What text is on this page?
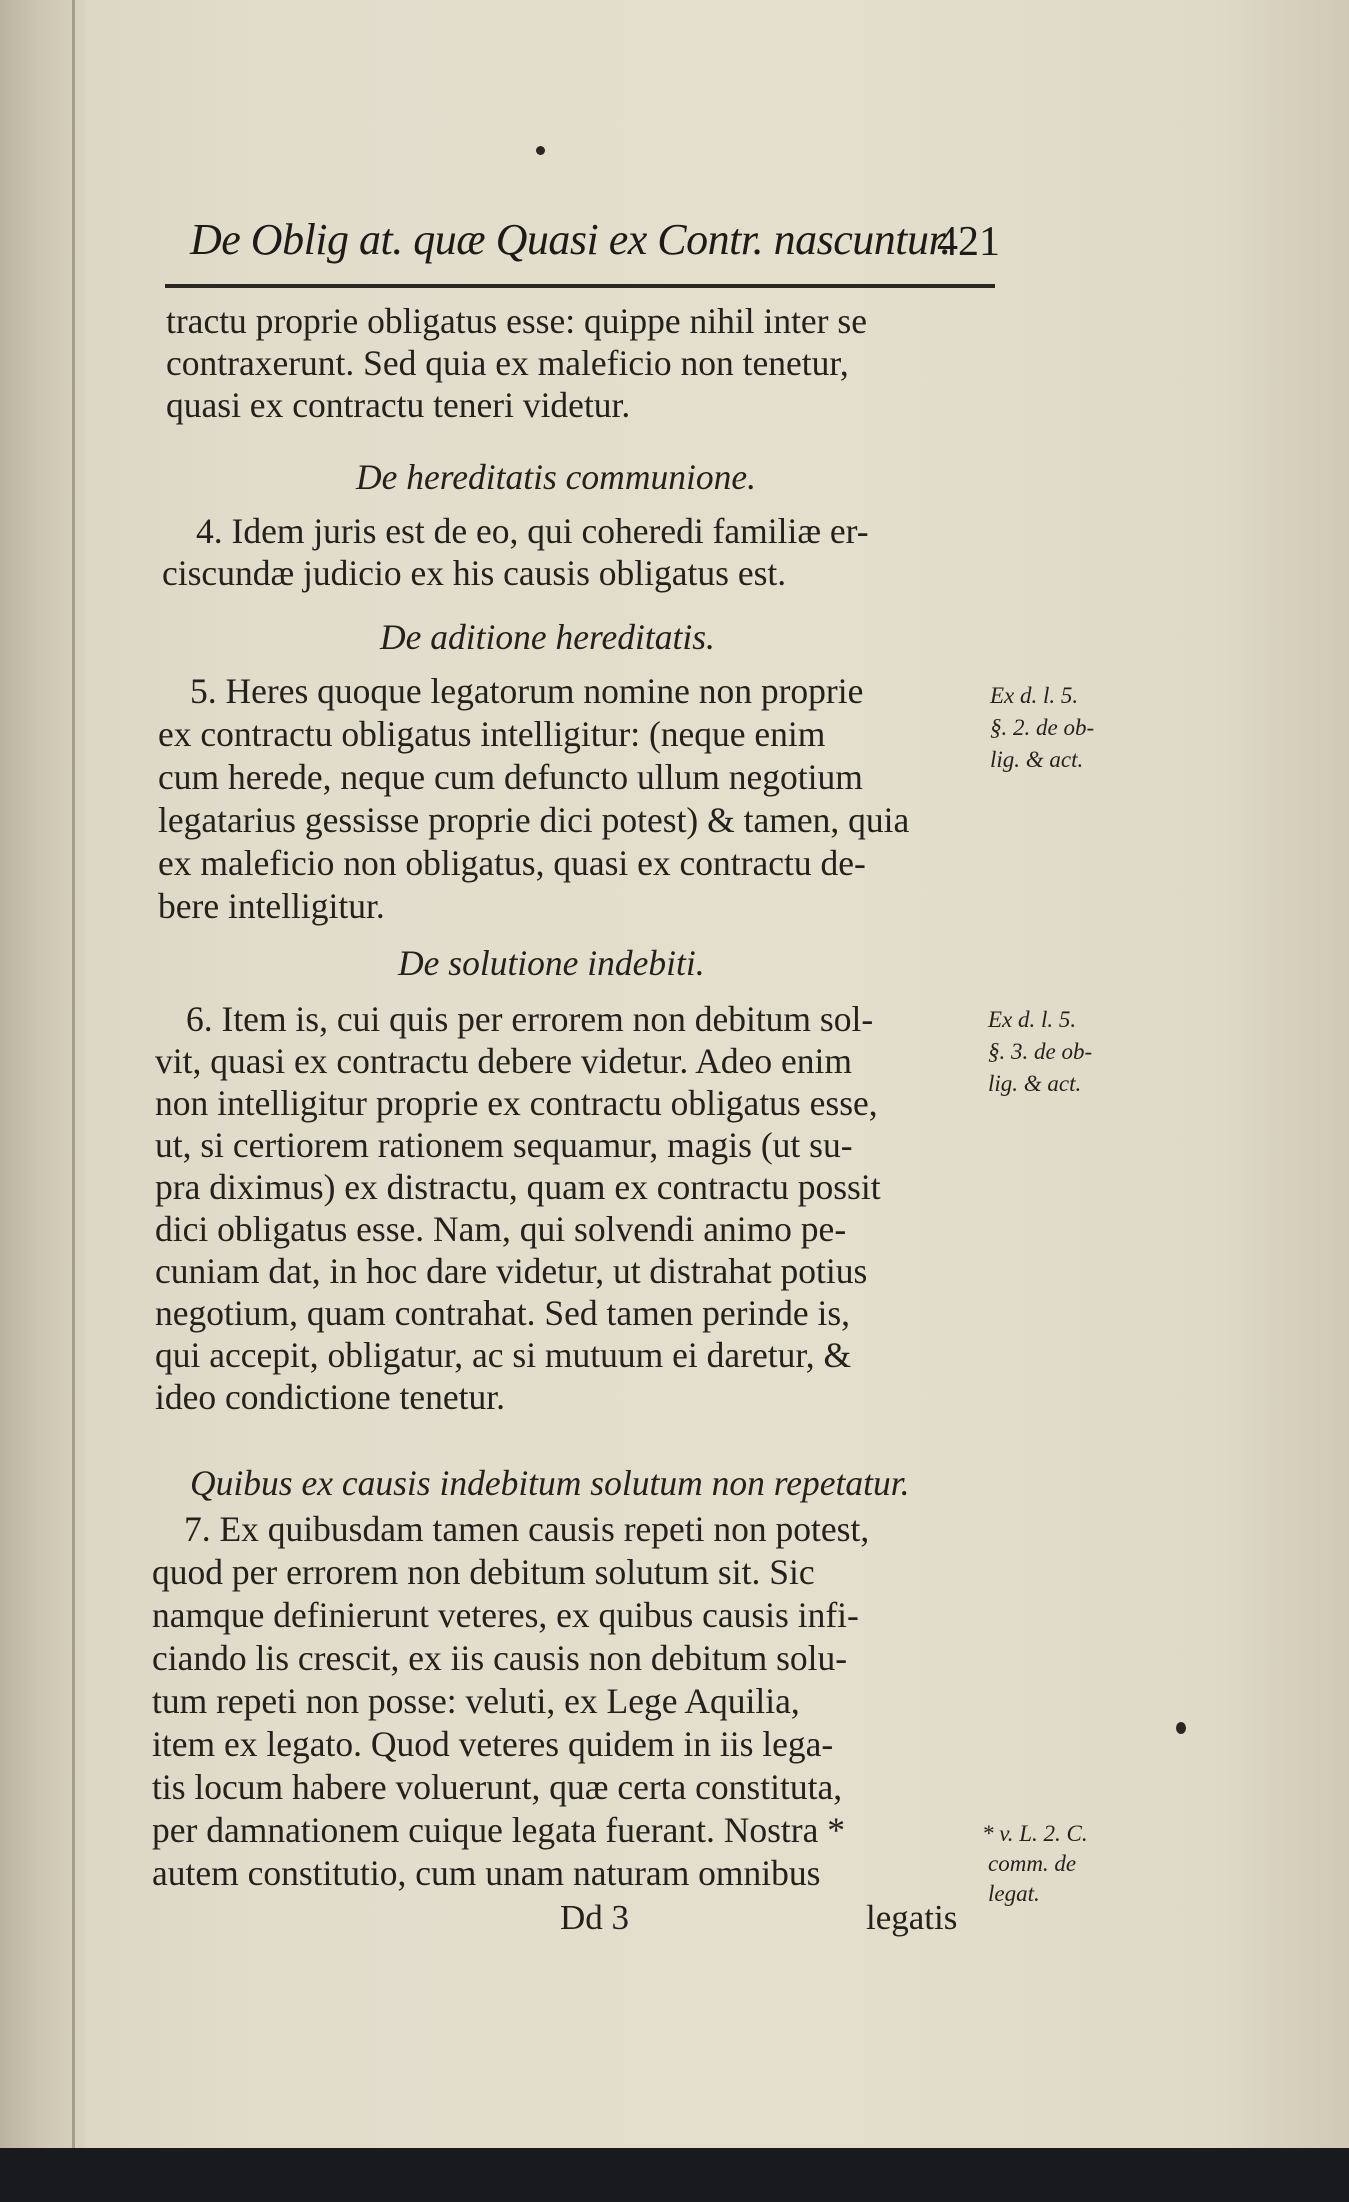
De Oblig at. quæ Quasi ex Contr. nascuntur.
421
tractu proprie obligatus esse: quippe nihil inter se
contraxerunt. Sed quia ex maleficio non tenetur,
quasi ex contractu teneri videtur.
De hereditatis communione.
4. Idem juris est de eo, qui coheredi familiæ er-
ciscundæ judicio ex his causis obligatus est.
De aditione hereditatis.
5. Heres quoque legatorum nomine non proprie
ex contractu obligatus intelligitur: (neque enim
cum herede, neque cum defuncto ullum negotium
legatarius gessisse proprie dici potest) & tamen, quia
ex maleficio non obligatus, quasi ex contractu de-
bere intelligitur.
Ex d. l. 5.
§. 2. de ob-
lig. & act.
De solutione indebiti.
6. Item is, cui quis per errorem non debitum sol-
vit, quasi ex contractu debere videtur. Adeo enim
non intelligitur proprie ex contractu obligatus esse,
ut, si certiorem rationem sequamur, magis (ut su-
pra diximus) ex distractu, quam ex contractu possit
dici obligatus esse. Nam, qui solvendi animo pe-
cuniam dat, in hoc dare videtur, ut distrahat potius
negotium, quam contrahat. Sed tamen perinde is,
qui accepit, obligatur, ac si mutuum ei daretur, &
ideo condictione tenetur.
Ex d. l. 5.
§. 3. de ob-
lig. & act.
Quibus ex causis indebitum solutum non repetatur.
7. Ex quibusdam tamen causis repeti non potest,
quod per errorem non debitum solutum sit. Sic
namque definierunt veteres, ex quibus causis infi-
ciando lis crescit, ex iis causis non debitum solu-
tum repeti non posse: veluti, ex Lege Aquilia,
item ex legato. Quod veteres quidem in iis lega-
tis locum habere voluerunt, quæ certa constituta,
per damnationem cuique legata fuerant. Nostra *
autem constitutio, cum unam naturam omnibus
* v. L. 2. C.
comm. de
legat.
Dd 3	legatis
